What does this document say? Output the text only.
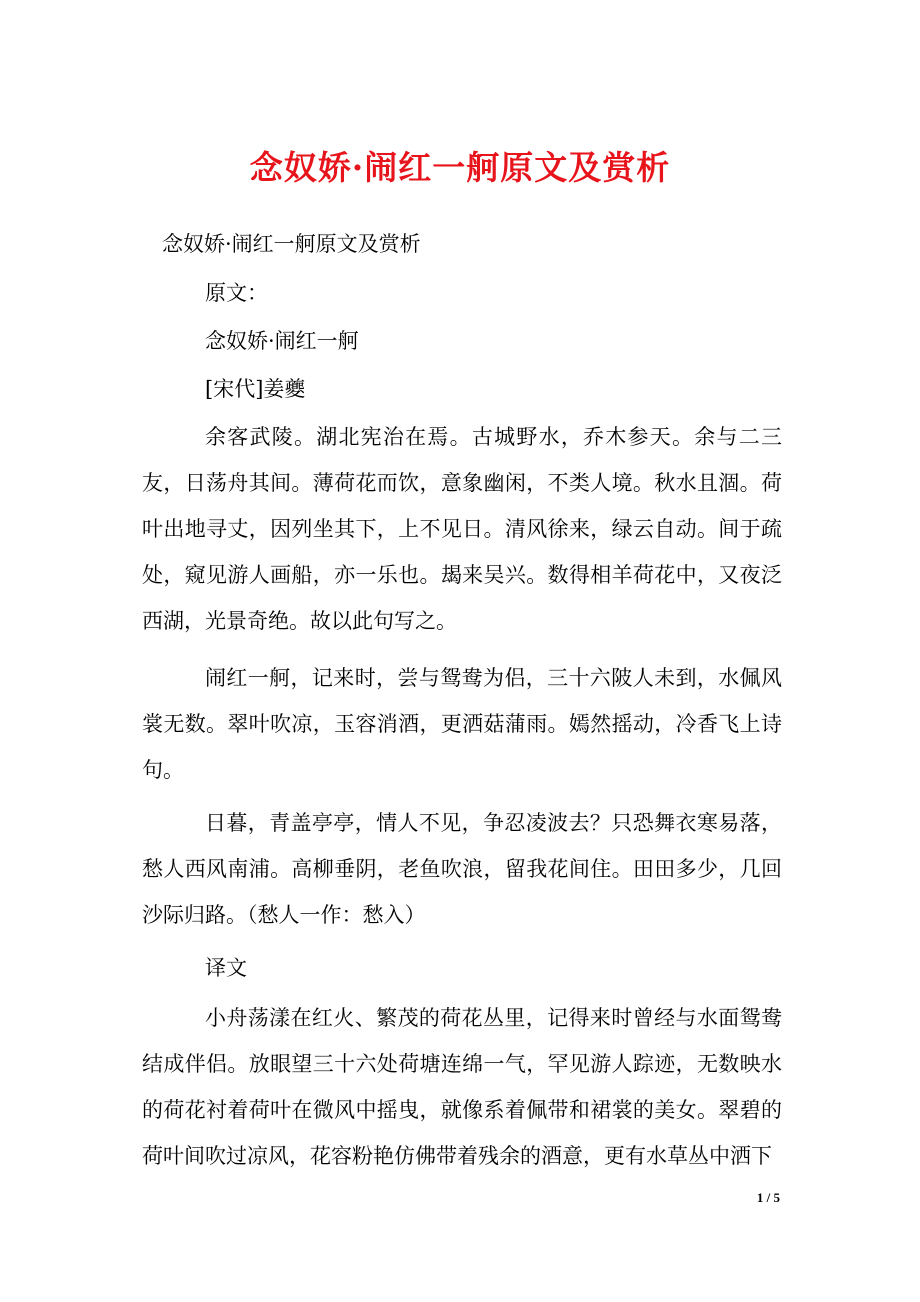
念奴娇·闹红一舸原文及赏析

念奴娇·闹红一舸原文及赏析

原文：

念奴娇·闹红一舸

[宋代]姜夔

余客武陵。湖北宪治在焉。古城野水，乔木参天。余与二三友，日荡舟其间。薄荷花而饮，意象幽闲，不类人境。秋水且涸。荷叶出地寻丈，因列坐其下，上不见日。清风徐来，绿云自动。间于疏处，窥见游人画船，亦一乐也。朅来吴兴。数得相羊荷花中，又夜泛西湖，光景奇绝。故以此句写之。

闹红一舸，记来时，尝与鸳鸯为侣，三十六陂人未到，水佩风裳无数。翠叶吹凉，玉容消酒，更洒菇蒲雨。嫣然摇动，冷香飞上诗句。

日暮，青盖亭亭，情人不见，争忍凌波去？只恐舞衣寒易落，愁人西风南浦。高柳垂阴，老鱼吹浪，留我花间住。田田多少，几回沙际归路。（愁人一作：愁入）

译文

小舟荡漾在红火、繁茂的荷花丛里，记得来时曾经与水面鸳鸯结成伴侣。放眼望三十六处荷塘连绵一气，罕见游人踪迹，无数映水的荷花衬着荷叶在微风中摇曳，就像系着佩带和裙裳的美女。翠碧的荷叶间吹过凉风，花容粉艳仿佛带着残余的酒意，更有水草丛中洒下

1 / 5
